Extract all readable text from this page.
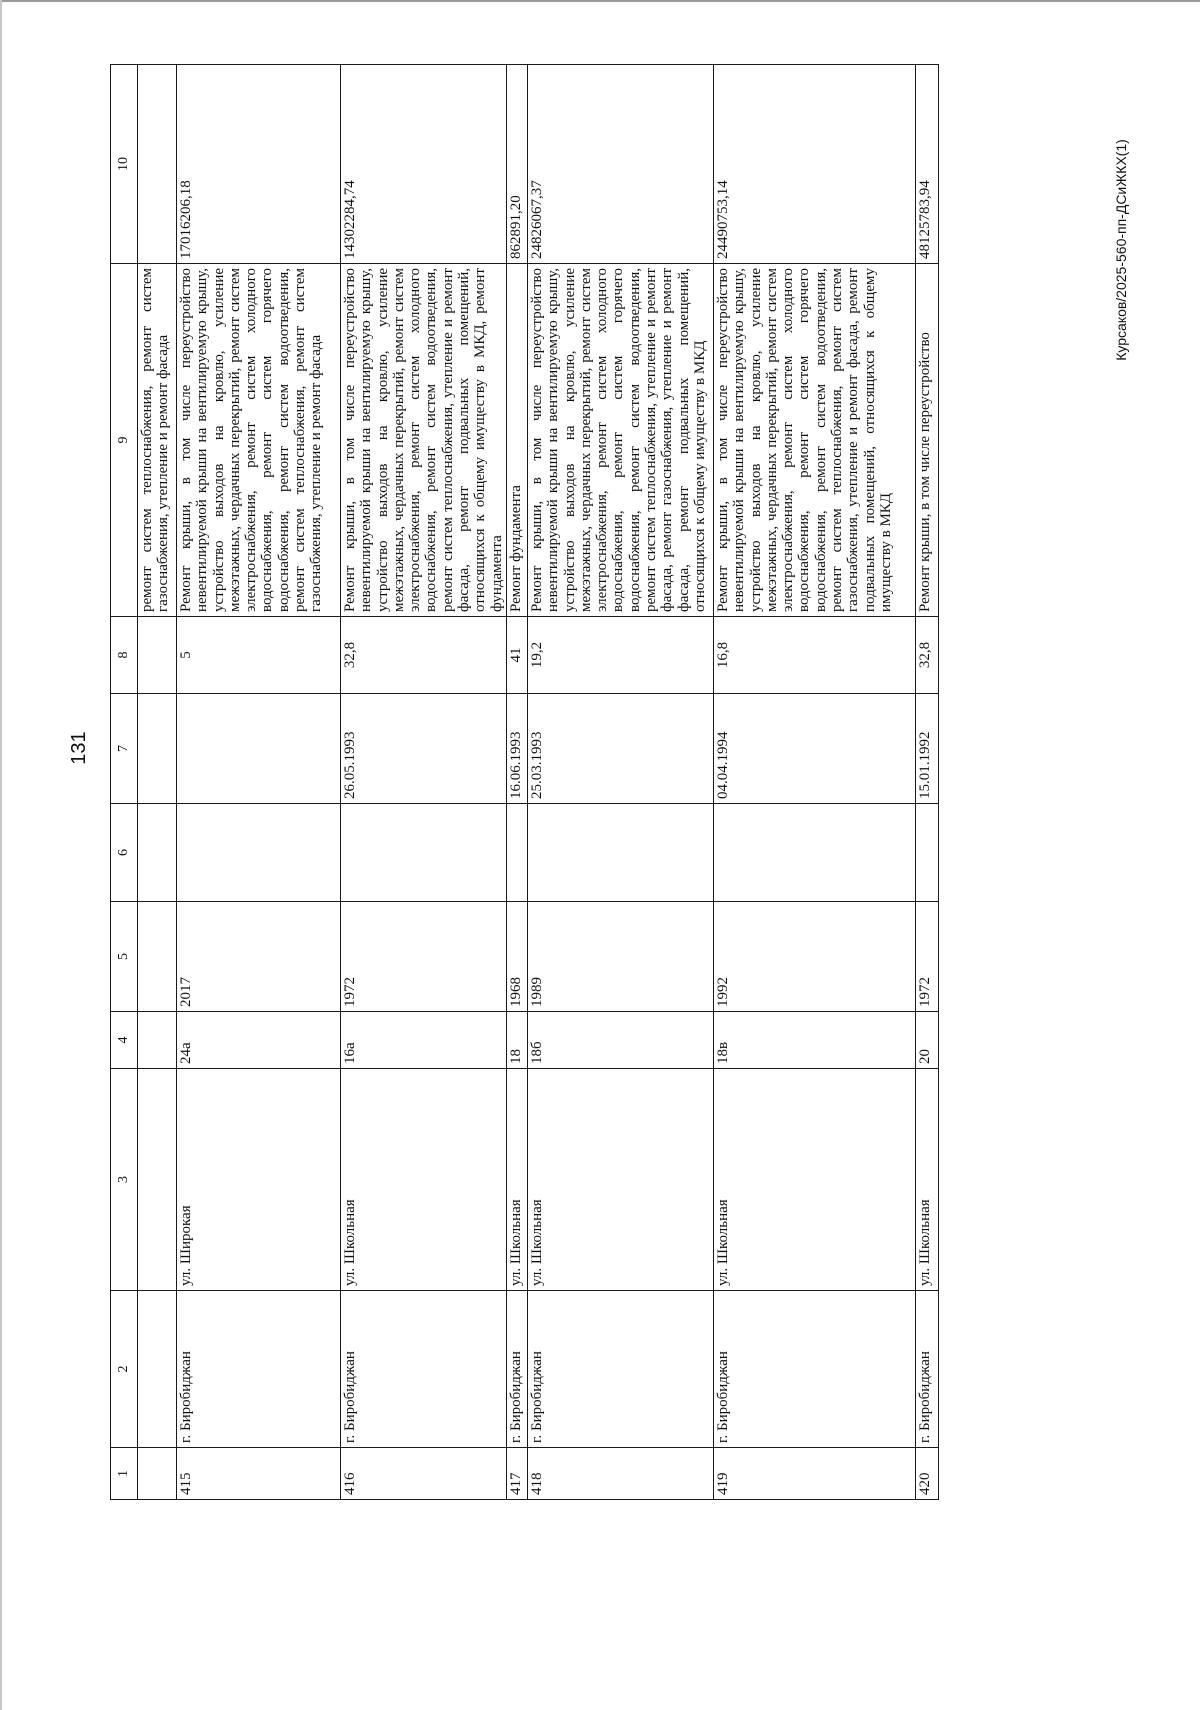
131
Курсаков/2025-560-пп-ДСиЖКХ(1)
1	2	3	4	5	6	7	8	9	10
								ремонт систем теплоснабжения, ремонт систем газоснабжения, утепление и ремонт фасада	
415	г. Биробиджан	ул. Широкая	24а	2017			5	Ремонт крыши, в том числе переустройство невентилируемой крыши на вентилируемую крышу, устройство выходов на кровлю, усиление межэтажных, чердачных перекрытий, ремонт систем электроснабжения, ремонт систем холодного водоснабжения, ремонт систем горячего водоснабжения, ремонт систем водоотведения, ремонт систем теплоснабжения, ремонт систем газоснабжения, утепление и ремонт фасада	17016206,18
416	г. Биробиджан	ул. Школьная	16а	1972		26.05.1993	32,8	Ремонт крыши, в том числе переустройство невентилируемой крыши на вентилируемую крышу, устройство выходов на кровлю, усиление межэтажных, чердачных перекрытий, ремонт систем электроснабжения, ремонт систем холодного водоснабжения, ремонт систем водоотведения, ремонт систем теплоснабжения, утепление и ремонт фасада, ремонт подвальных помещений, относящихся к общему имуществу в МКД, ремонт фундамента	14302284,74
417	г. Биробиджан	ул. Школьная	18	1968		16.06.1993	41	Ремонт фундамента	862891,20
418	г. Биробиджан	ул. Школьная	18б	1989		25.03.1993	19,2	Ремонт крыши, в том числе переустройство невентилируемой крыши на вентилируемую крышу, устройство выходов на кровлю, усиление межэтажных, чердачных перекрытий, ремонт систем электроснабжения, ремонт систем холодного водоснабжения, ремонт систем горячего водоснабжения, ремонт систем водоотведения, ремонт систем теплоснабжения, утепление и ремонт фасада, ремонт газоснабжения, утепление и ремонт фасада, ремонт подвальных помещений, относящихся к общему имуществу в МКД	24826067,37
419	г. Биробиджан	ул. Школьная	18в	1992		04.04.1994	16,8	Ремонт крыши, в том числе переустройство невентилируемой крыши на вентилируемую крышу, устройство выходов на кровлю, усиление межэтажных, чердачных перекрытий, ремонт систем электроснабжения, ремонт систем холодного водоснабжения, ремонт систем горячего водоснабжения, ремонт систем водоотведения, ремонт систем теплоснабжения, ремонт систем газоснабжения, утепление и ремонт фасада, ремонт подвальных помещений, относящихся к общему имуществу в МКД	24490753,14
420	г. Биробиджан	ул. Школьная	20	1972		15.01.1992	32,8	Ремонт крыши, в том числе переустройство	48125783,94
